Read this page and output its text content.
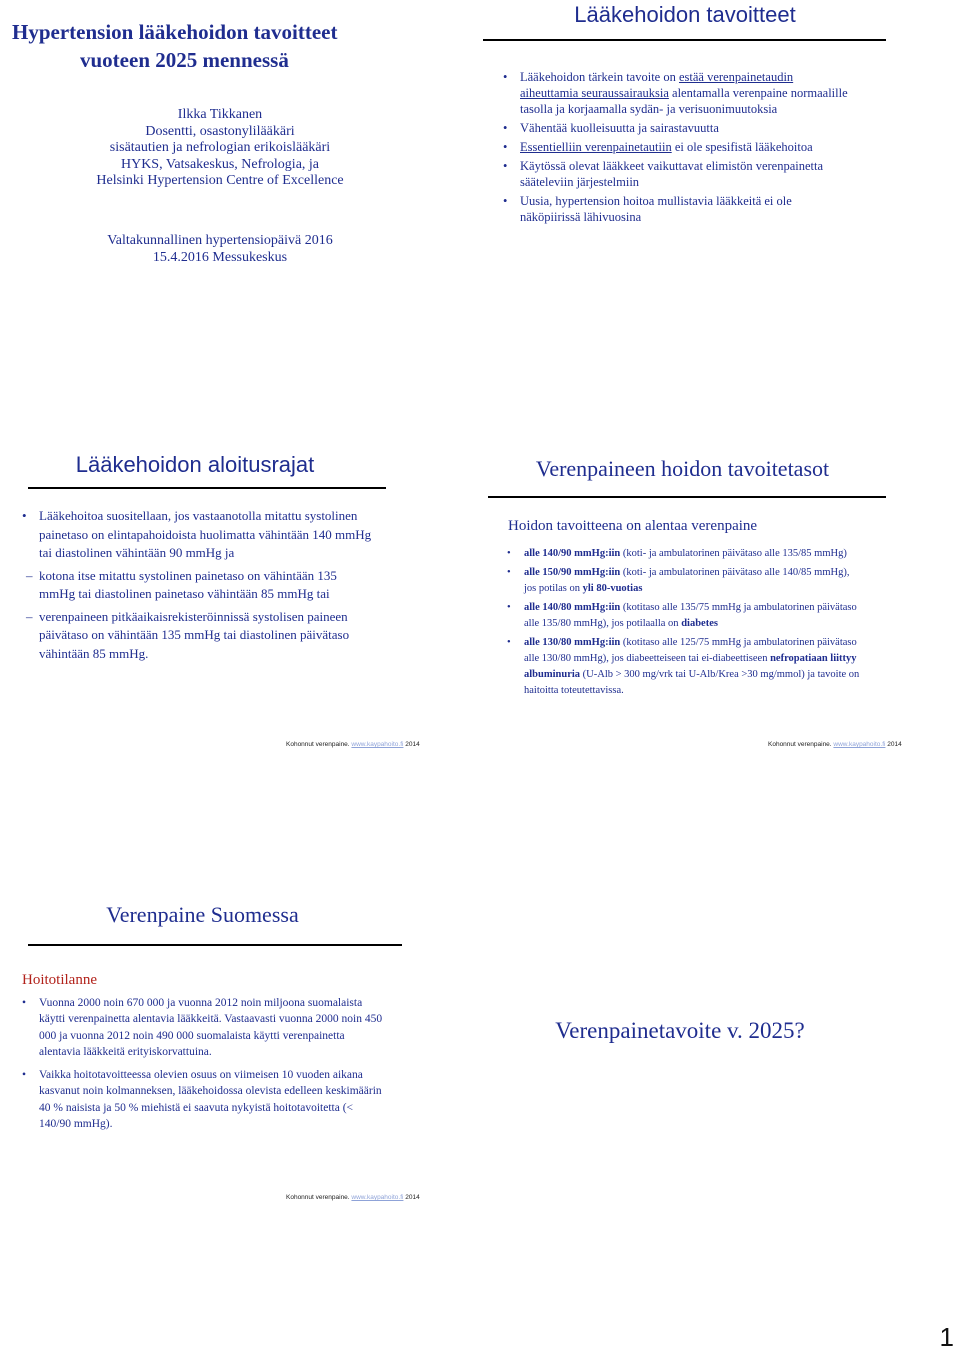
Hypertension lääkehoidon tavoitteet
vuoteen 2025 mennessä
Ilkka Tikkanen
Dosentti, osastonylilääkäri
sisätautien ja nefrologian erikoislääkäri
HYKS, Vatsakeskus, Nefrologia, ja
Helsinki Hypertension Centre of Excellence
Valtakunnallinen hypertensiopäivä 2016
15.4.2016 Messukeskus
Lääkehoidon tavoitteet
• Lääkehoidon tärkein tavoite on estää verenpainetaudin aiheuttamia seuraussairauksia alentamalla verenpaine normaalille tasolla ja korjaamalla sydän- ja verisuonimuutoksia
• Vähentää kuolleisuutta ja sairastavuutta
• Essentielliin verenpainetautiin ei ole spesifistä lääkehoitoa
• Käytössä olevat lääkkeet vaikuttavat elimistön verenpainetta sääteleviin järjestelmiin
• Uusia, hypertension hoitoa mullistavia lääkkeitä ei ole näköpiirissä lähivuosina
Lääkehoidon aloitusrajat
• Lääkehoitoa suositellaan, jos vastaanotolla mitattu systolinen painetaso on elintapahoidoista huolimatta vähintään 140 mmHg tai diastolinen vähintään 90 mmHg ja
– kotona itse mitattu systolinen painetaso on vähintään 135 mmHg tai diastolinen painetaso vähintään 85 mmHg tai
– verenpaineen pitkäaikaisrekisteröinnissä systolisen paineen päivätaso on vähintään 135 mmHg tai diastolinen päivätaso vähintään 85 mmHg.
Kohonnut verenpaine. www.kaypahoito.fi 2014
Verenpaineen hoidon tavoitetasot
Hoidon tavoitteena on alentaa verenpaine
• alle 140/90 mmHg:iin (koti- ja ambulatorinen päivätaso alle 135/85 mmHg)
• alle 150/90 mmHg:iin (koti- ja ambulatorinen päivätaso alle 140/85 mmHg), jos potilas on yli 80-vuotias
• alle 140/80 mmHg:iin (kotitaso alle 135/75 mmHg ja ambulatorinen päivätaso alle 135/80 mmHg), jos potilaalla on diabetes
• alle 130/80 mmHg:iin (kotitaso alle 125/75 mmHg ja ambulatorinen päivätaso alle 130/80 mmHg), jos diabeetteiseen tai ei-diabeettiseen nefropatiaan liittyy albuminuria (U-Alb > 300 mg/vrk tai U-Alb/Krea >30 mg/mmol) ja tavoite on haitoitta toteutettavissa.
Kohonnut verenpaine. www.kaypahoito.fi 2014
Verenpaine Suomessa
Hoitotilanne
• Vuonna 2000 noin 670 000 ja vuonna 2012 noin miljoona suomalaista käytti verenpainetta alentavia lääkkeitä. Vastaavasti vuonna 2000 noin 450 000 ja vuonna 2012 noin 490 000 suomalaista käytti verenpainetta alentavia lääkkeitä erityiskorvattuina.
• Vaikka hoitotavoitteessa olevien osuus on viimeisen 10 vuoden aikana kasvanut noin kolmanneksen, lääkehoidossa olevista edelleen keskimäärin 40 % naisista ja 50 % miehistä ei saavuta nykyistä hoitotavoitetta (< 140/90 mmHg).
Kohonnut verenpaine. www.kaypahoito.fi 2014
Verenpainetavoite v. 2025?
1
